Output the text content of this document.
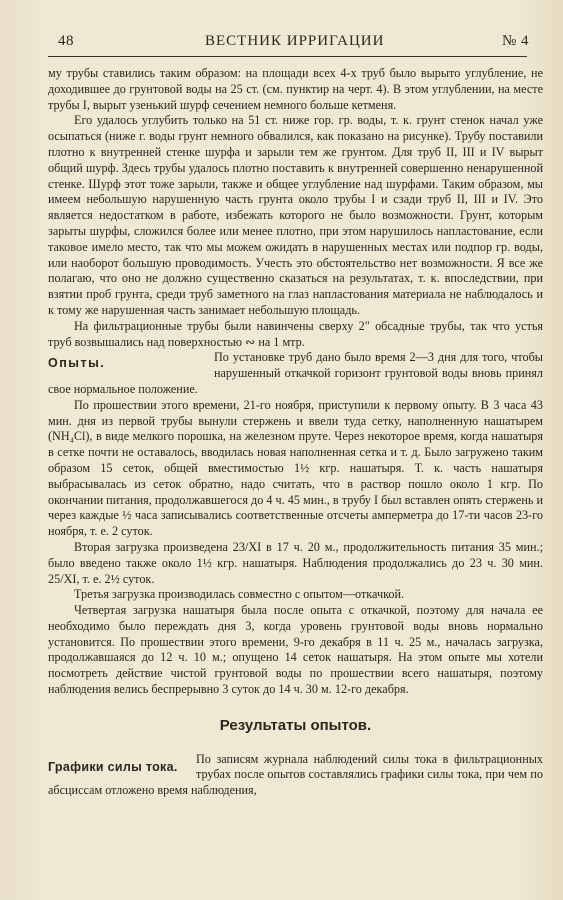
48	ВЕСТНИК ИРРИГАЦИИ	№ 4

му трубы ставились таким образом: на площади всех 4-х труб было вырыто углубление, не доходившее до грунтовой воды на 25 ст. (см. пунктир на черт. 4). В этом углублении, на месте трубы I, вырыт узенький шурф сечением немного больше кетменя.

Его удалось углубить только на 51 ст. ниже гор. гр. воды, т. к. грунт стенок начал уже осыпаться (ниже г. воды грунт немного обвалился, как показано на рисунке). Трубу поставили плотно к внутренней стенке шурфа и зарыли тем же грунтом. Для труб II, III и IV вырыт общий шурф. Здесь трубы удалось плотно поставить к внутренней совершенно ненарушенной стенке. Шурф этот тоже зарыли, также и общее углубление над шурфами. Таким образом, мы имеем небольшую нарушенную часть грунта около трубы I и сзади труб II, III и IV. Это является недостатком в работе, избежать которого не было возможности. Грунт, которым зарыты шурфы, сложился более или менее плотно, при этом нарушилось напластование, если таковое имело место, так что мы можем ожидать в нарушенных местах или подпор гр. воды, или наоборот большую проводимость. Учесть это обстоятельство нет возможности. Я все же полагаю, что оно не должно существенно сказаться на результатах, т. к. впоследствии, при взятии проб грунта, среди труб заметного на глаз напластования материала не наблюдалось и к тому же нарушенная часть занимает небольшую площадь.

На фильтрационные трубы были навинчены сверху 2" обсадные трубы, так что устья труб возвышались над поверхностью ∾ на 1 мтр.

Опыты.	По установке труб дано было время 2—3 дня для того, чтобы нарушенный откачкой горизонт грунтовой воды вновь принял свое нормальное положение.

По прошествии этого времени, 21-го ноября, приступили к первому опыту. В 3 часа 43 мин. дня из первой трубы вынули стержень и ввели туда сетку, наполненную нашатырем (NH₄Cl), в виде мелкого порошка, на железном пруте. Через некоторое время, когда нашатыря в сетке почти не оставалось, вводилась новая наполненная сетка и т. д. Было загружено таким образом 15 сеток, общей вместимостью 1½ кгр. нашатыря. Т. к. часть нашатыря выбрасывалась из сеток обратно, надо считать, что в раствор пошло около 1 кгр. По окончании питания, продолжавшегося до 4 ч. 45 мин., в трубу I был вставлен опять стержень и через каждые ½ часа записывались соответственные отсчеты амперметра до 17-ти часов 23-го ноября, т. е. 2 суток.

Вторая загрузка произведена 23/XI в 17 ч. 20 м., продолжительность питания 35 мин.; было введено также около 1½ кгр. нашатыря. Наблюдения продолжались до 23 ч. 30 мин. 25/XI, т. е. 2½ суток.

Третья загрузка производилась совместно с опытом—откачкой.

Четвертая загрузка нашатыря была после опыта с откачкой, поэтому для начала ее необходимо было переждать дня 3, когда уровень грунтовой воды вновь нормально установится. По прошествии этого времени, 9-го декабря в 11 ч. 25 м., началась загрузка, продолжавшаяся до 12 ч. 10 м.; опущено 14 сеток нашатыря. На этом опыте мы хотели посмотреть действие чистой грунтовой воды по прошествии всего нашатыря, поэтому наблюдения велись беспрерывно 3 суток до 14 ч. 30 м. 12-го декабря.

Результаты опытов.
Графики силы тока.

По записям журнала наблюдений силы тока в фильтрационных трубах после опытов составлялись графики силы тока, при чем по абсциссам отложено время наблюдения,
